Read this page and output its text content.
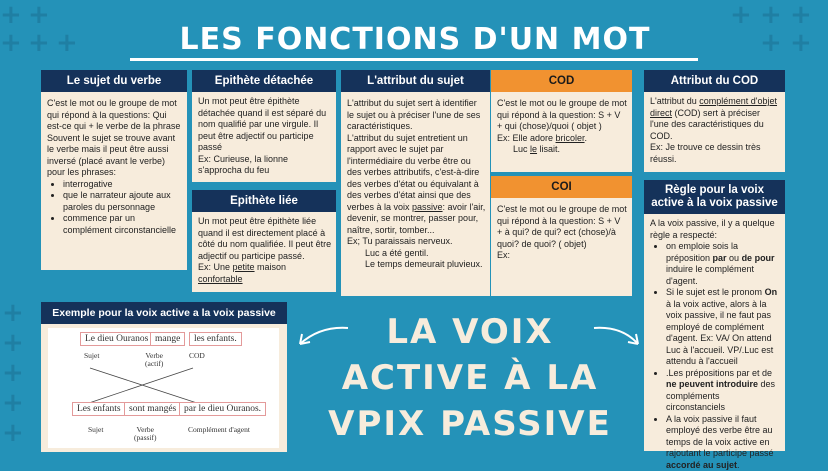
+ +
+ + +
+ + +
+ +
+
+
+
+
+
LES FONCTIONS D'UN MOT
Le sujet du verbe

C'est le mot ou le groupe de mot qui répond à la questions: Qui est-ce qui + le verbe de la phrase

Souvent le sujet se trouve avant le verbe mais il peut être aussi inversé (placé avant le verbe) pour les phrases:

• interrogative
• que le narrateur ajoute aux paroles du personnage
• commence par un complément circonstancielle
Epithète détachée

Un mot peut être épithète détachée quand il est séparé du nom qualifié par une virgule. Il peut être adjectif ou participe passé

Ex: Curieuse, la lionne s'approcha du feu

Epithète liée

Un mot peut être épithète liée quand il est directement placé à côté du nom qualifiée. Il peut être adjectif ou participe passé.

Ex: Une petite maison confortable

L'attribut du sujet

L'attribut du sujet sert à identifier le sujet ou à préciser l'une de ses caractéristiques.

L'attribut du sujet entretient un rapport avec le sujet par l'intermédiaire du verbe être ou des verbes attributifs, c'est-à-dire des verbes d'état ou équivalant à des verbes d'état ainsi que des verbes à la voix passive: avoir l'air, devenir, se montrer, passer pour, naître, sortir, tomber...

Ex; Tu paraissais nerveux.

Luc a été gentil.

Le temps demeurait pluvieux.

COD

C'est le mot ou le groupe de mot qui répond à la question: S + V + qui (chose)/quoi ( objet )

Ex: Elle adore bricoler.

Luc le lisait.

COI

C'est le mot ou le groupe de mot qui répond à la question: S + V + à qui? de qui? ect (chose)/à quoi? de quoi? ( objet)

Ex:

Attribut du COD

L'attribut du complément d'objet direct (COD) sert à préciser l'une des caractéristiques du COD.

Ex: Je trouve ce dessin très réussi.

Règle pour la voix active à la voix passive

A la voix passive, il y a quelque règle a respecté:

• on emploie sois la préposition par ou de pour induire le complément d'agent.
• Si le sujet est le pronom On à la voix active, alors à la voix passive, il ne faut pas employé de complément d'agent. Ex: VA/ On attend Luc à l'accueil. VP/.Luc est attendu à l'accueil
• .Les prépositions par et de ne peuvent introduire des compléments circonstanciels
• A la voix passive il faut employé des verbe être au temps de la voix active en rajoutant le participe passé accordé au sujet.
Exemple pour la voix active a la voix passive
Le dieu Ouranos mange	les enfants.
Sujet	Verbe
(actif)
COD
Les enfants sont mangés par le dieu Ouranos.
Sujet	Verbe
(passif)
Complément d'agent
LA VOIX
ACTIVE À LA
VPIX PASSIVE
